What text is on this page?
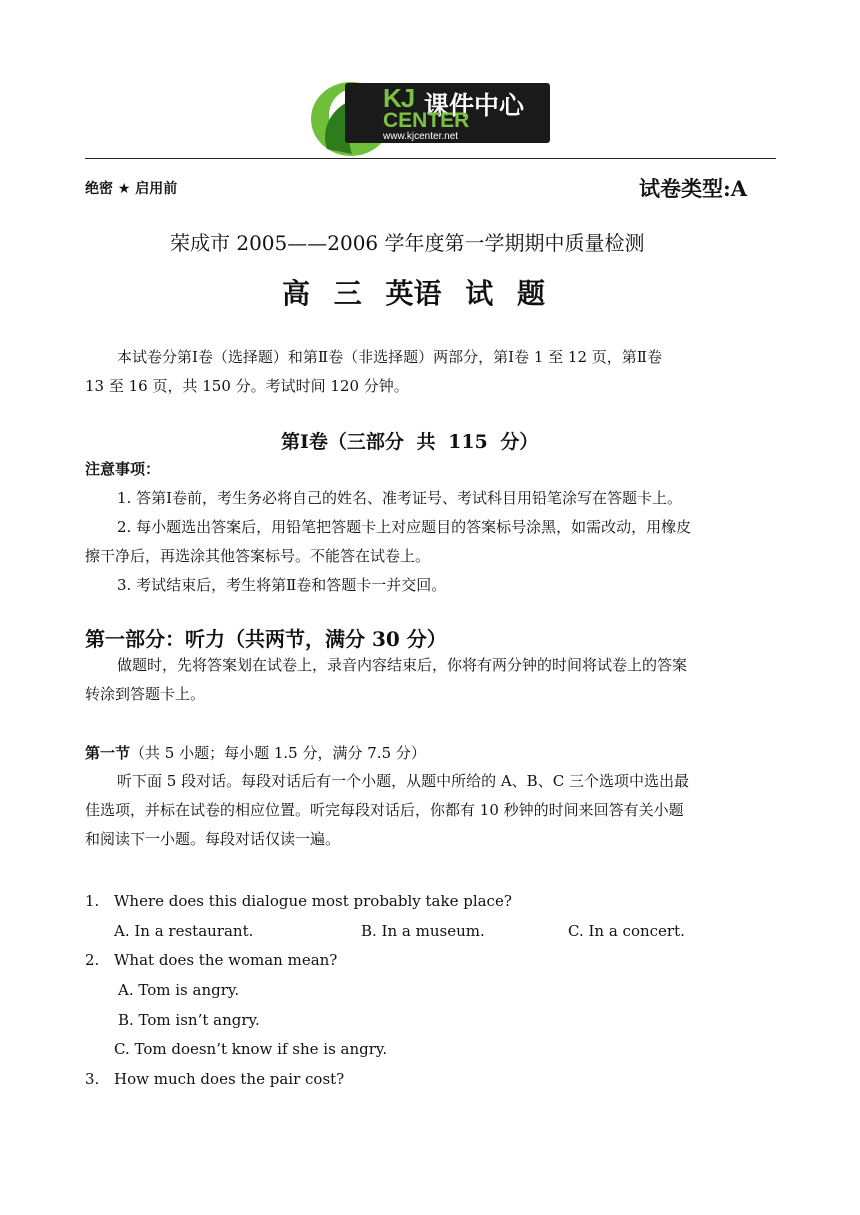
KJ 课件中心
CENTER
www.kjcenter.net
绝密 ★ 启用前	试卷类型:A
荣成市 2005——2006 学年度第一学期期中质量检测
高 三 英语 试 题
本试卷分第Ⅰ卷（选择题）和第Ⅱ卷（非选择题）两部分，第Ⅰ卷 1 至 12 页，第Ⅱ卷
13 至 16 页，共 150 分。考试时间 120 分钟。
第Ⅰ卷（三部分 共 115 分）
注意事项：
1. 答第Ⅰ卷前，考生务必将自己的姓名、准考证号、考试科目用铅笔涂写在答题卡上。
2. 每小题选出答案后，用铅笔把答题卡上对应题目的答案标号涂黑，如需改动，用橡皮
擦干净后，再选涂其他答案标号。不能答在试卷上。
3. 考试结束后，考生将第Ⅱ卷和答题卡一并交回。
第一部分：听力（共两节，满分 30 分）
做题时，先将答案划在试卷上，录音内容结束后，你将有两分钟的时间将试卷上的答案
转涂到答题卡上。
第一节（共 5 小题；每小题 1.5 分，满分 7.5 分）
听下面 5 段对话。每段对话后有一个小题，从题中所给的 A、B、C 三个选项中选出最
佳选项，并标在试卷的相应位置。听完每段对话后，你都有 10 秒钟的时间来回答有关小题
和阅读下一小题。每段对话仅读一遍。
1. Where does this dialogue most probably take place?
A. In a restaurant.	B. In a museum.	C. In a concert.
2. What does the woman mean?
A. Tom is angry.
B. Tom isn’t angry.
C. Tom doesn’t know if she is angry.
3. How much does the pair cost?
